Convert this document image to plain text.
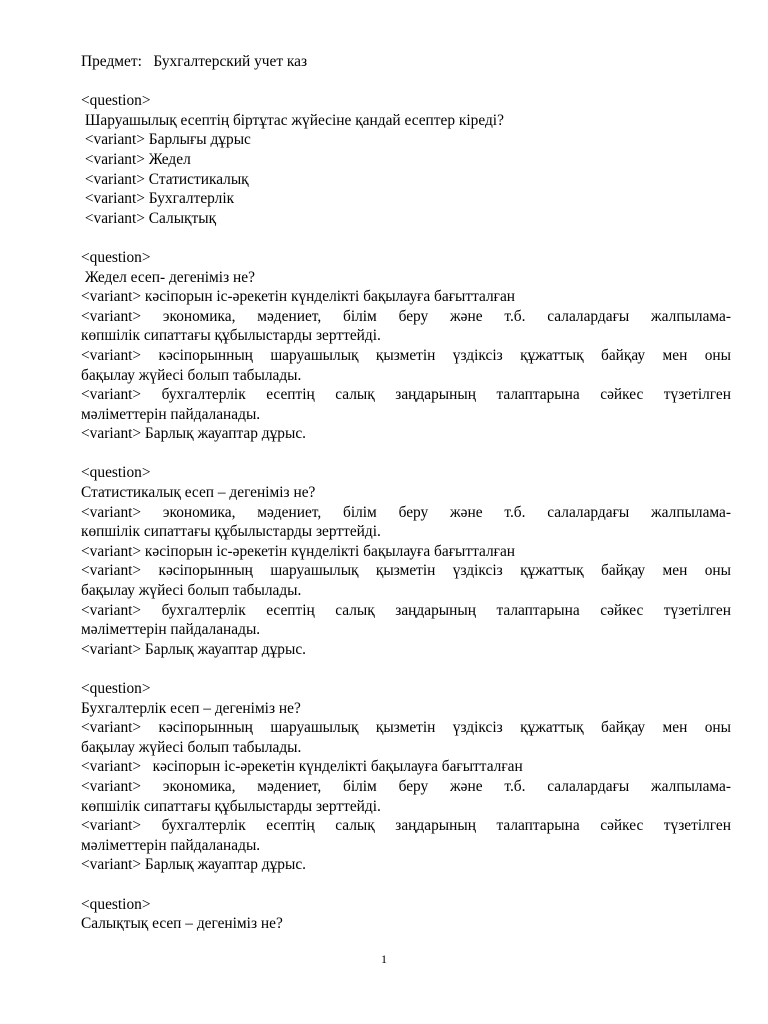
Предмет: Бухгалтерский учет каз
<question>
Шаруашылық есептің біртұтас жүйесіне қандай есептер кіреді?
<variant> Барлығы дұрыс
<variant> Жедел
<variant> Статистикалық
<variant> Бухгалтерлік
<variant> Салықтық
<question>
Жедел есеп- дегеніміз не?
<variant> кәсіпорын іс-әрекетін күнделікті бақылауға бағытталған
<variant> экономика, мәдениет, білім беру және т.б. салалардағы жалпылама-
көпшілік сипаттағы құбылыстарды зерттейді.
<variant> кәсіпорынның шаруашылық қызметін үздіксіз құжаттық байқау мен оны
бақылау жүйесі болып табылады.
<variant> бухгалтерлік есептің салық заңдарының талаптарына сәйкес түзетілген
мәліметтерін пайдаланады.
<variant> Барлық жауаптар дұрыс.
<question>
Статистикалық есеп – дегеніміз не?
<variant> экономика, мәдениет, білім беру және т.б. салалардағы жалпылама-
көпшілік сипаттағы құбылыстарды зерттейді.
<variant> кәсіпорын іс-әрекетін күнделікті бақылауға бағытталған
<variant> кәсіпорынның шаруашылық қызметін үздіксіз құжаттық байқау мен оны
бақылау жүйесі болып табылады.
<variant> бухгалтерлік есептің салық заңдарының талаптарына сәйкес түзетілген
мәліметтерін пайдаланады.
<variant> Барлық жауаптар дұрыс.
<question>
Бухгалтерлік есеп – дегеніміз не?
<variant> кәсіпорынның шаруашылық қызметін үздіксіз құжаттық байқау мен оны
бақылау жүйесі болып табылады.
<variant>   кәсіпорын іс-әрекетін күнделікті бақылауға бағытталған
<variant> экономика, мәдениет, білім беру және т.б. салалардағы жалпылама-
көпшілік сипаттағы құбылыстарды зерттейді.
<variant> бухгалтерлік есептің салық заңдарының талаптарына сәйкес түзетілген
мәліметтерін пайдаланады.
<variant> Барлық жауаптар дұрыс.
<question>
Салықтық есеп – дегеніміз не?
1
